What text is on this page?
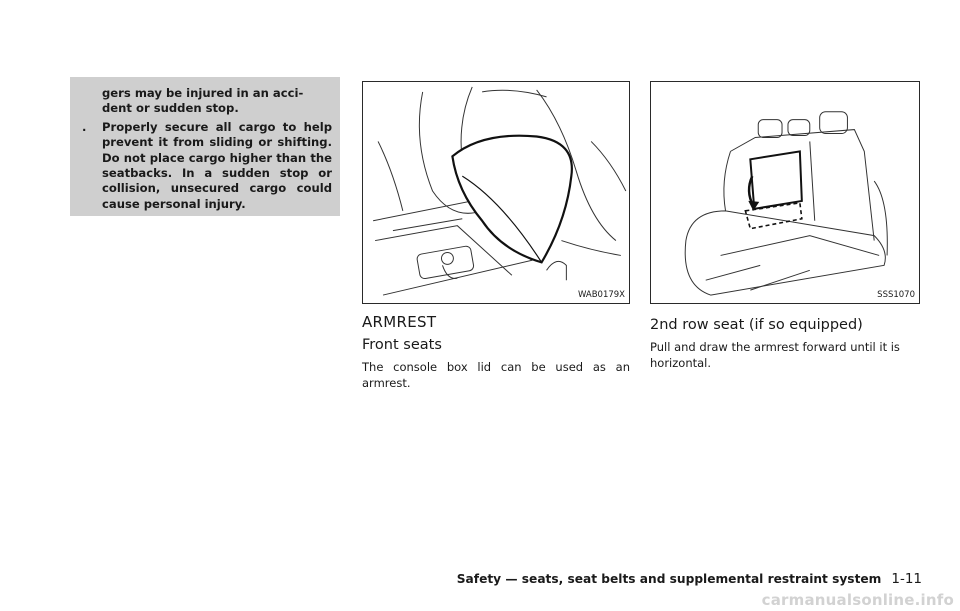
gers may be injured in an acci- dent or sudden stop.
.	Properly secure all cargo to help prevent it from sliding or shifting. Do not place cargo higher than the seatbacks. In a sudden stop or collision, unsecured cargo could cause personal injury.
WAB0179X	SSS1070
ARMREST
Front seats
The console box lid can be used as an armrest.
2nd row seat (if so equipped)
Pull and draw the armrest forward until it is horizontal.
Safety — seats, seat belts and supplemental restraint system 1-11
carmanualsonline.info
